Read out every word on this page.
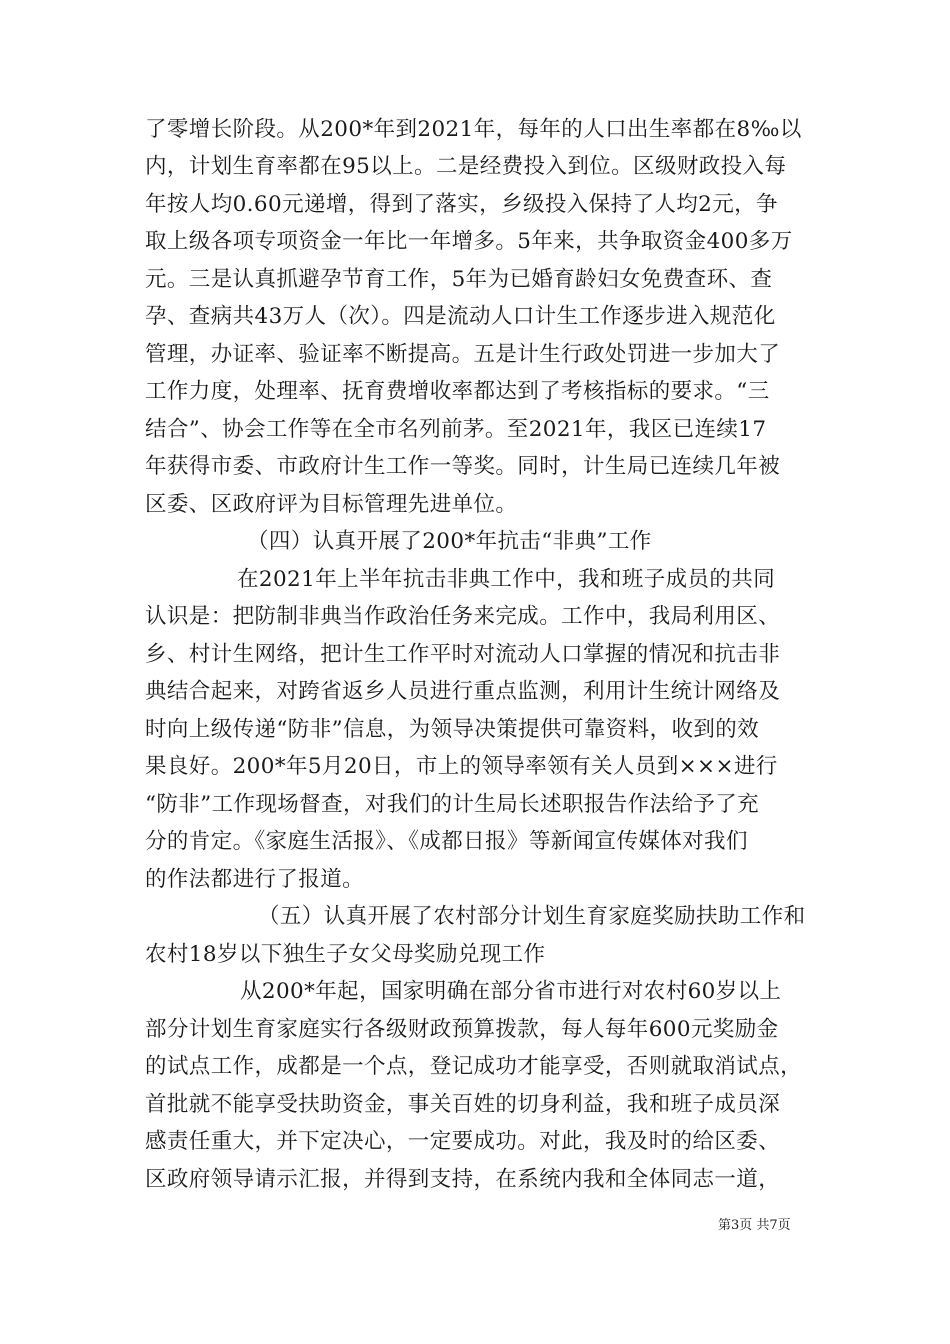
了零增长阶段。从200*年到2021年，每年的人口出生率都在8‰以
内，计划生育率都在95以上。二是经费投入到位。区级财政投入每
年按人均0.60元递增，得到了落实，乡级投入保持了人均2元，争
取上级各项专项资金一年比一年增多。5年来，共争取资金400多万
元。三是认真抓避孕节育工作，5年为已婚育龄妇女免费查环、查
孕、查病共43万人（次）。四是流动人口计生工作逐步进入规范化
管理，办证率、验证率不断提高。五是计生行政处罚进一步加大了
工作力度，处理率、抚育费增收率都达到了考核指标的要求。“三
结合”、协会工作等在全市名列前茅。至2021年，我区已连续17
年获得市委、市政府计生工作一等奖。同时，计生局已连续几年被
区委、区政府评为目标管理先进单位。
（四）认真开展了200*年抗击“非典”工作
在2021年上半年抗击非典工作中，我和班子成员的共同
认识是：把防制非典当作政治任务来完成。工作中，我局利用区、
乡、村计生网络，把计生工作平时对流动人口掌握的情况和抗击非
典结合起来，对跨省返乡人员进行重点监测，利用计生统计网络及
时向上级传递“防非”信息，为领导决策提供可靠资料，收到的效
果良好。200*年5月20日，市上的领导率领有关人员到×××进行
“防非”工作现场督查，对我们的计生局长述职报告作法给予了充
分的肯定。《家庭生活报》、《成都日报》等新闻宣传媒体对我们
的作法都进行了报道。
（五）认真开展了农村部分计划生育家庭奖励扶助工作和
农村18岁以下独生子女父母奖励兑现工作
从200*年起，国家明确在部分省市进行对农村60岁以上
部分计划生育家庭实行各级财政预算拨款，每人每年600元奖励金
的试点工作，成都是一个点，登记成功才能享受，否则就取消试点，
首批就不能享受扶助资金，事关百姓的切身利益，我和班子成员深
感责任重大，并下定决心，一定要成功。对此，我及时的给区委、
区政府领导请示汇报，并得到支持，在系统内我和全体同志一道，
第3页 共7页
